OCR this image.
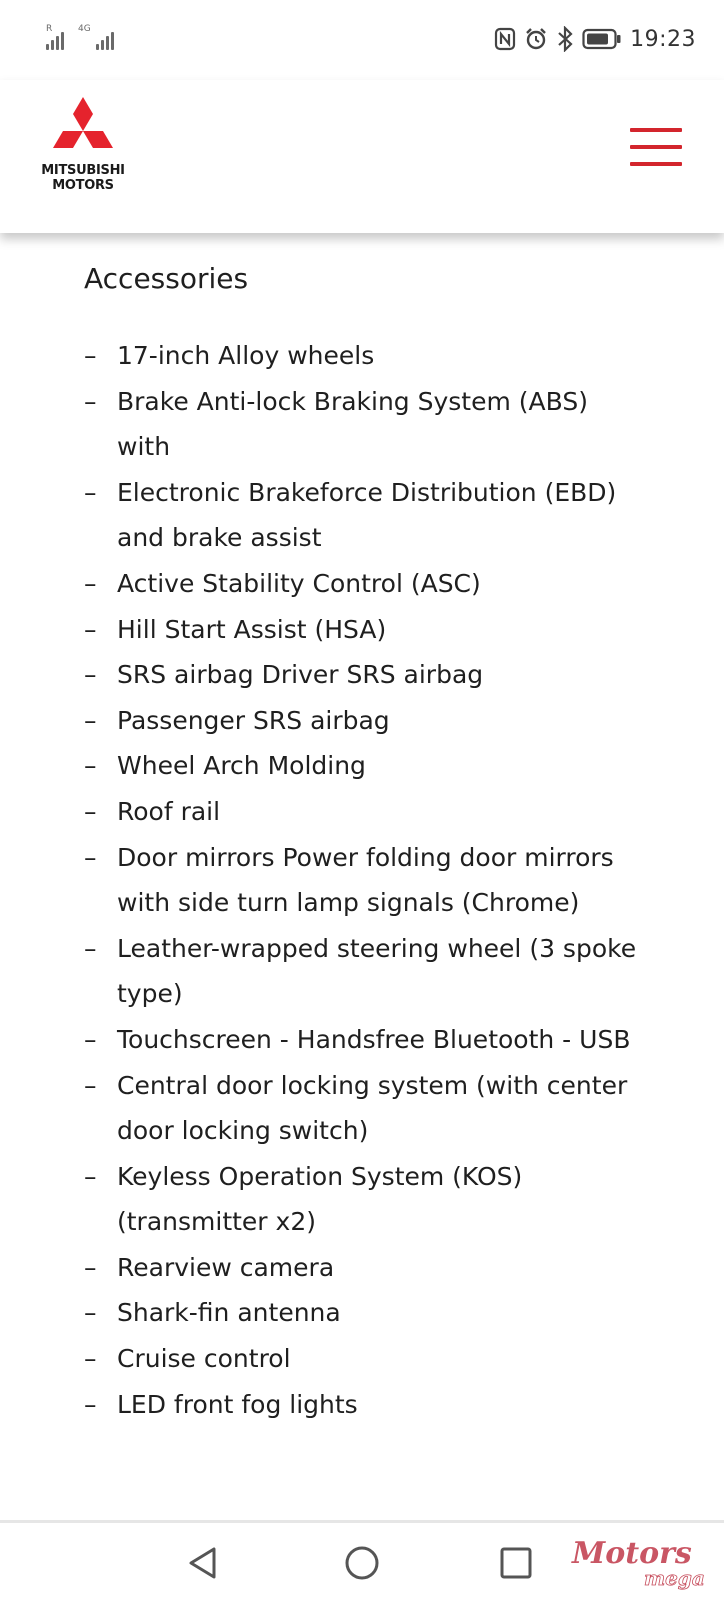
R	4G	19:23
MITSUBISHI
MOTORS
Accessories
– 17-inch Alloy wheels
– Brake Anti-lock Braking System (ABS) with
– Electronic Brakeforce Distribution (EBD) and brake assist
– Active Stability Control (ASC)
– Hill Start Assist (HSA)
– SRS airbag Driver SRS airbag
– Passenger SRS airbag
– Wheel Arch Molding
– Roof rail
– Door mirrors Power folding door mirrors with side turn lamp signals (Chrome)
– Leather-wrapped steering wheel (3 spoke type)
– Touchscreen - Handsfree Bluetooth - USB
– Central door locking system (with center door locking switch)
– Keyless Operation System (KOS) (transmitter x2)
– Rearview camera
– Shark-fin antenna
– Cruise control
– LED front fog lights
Motors
mega
